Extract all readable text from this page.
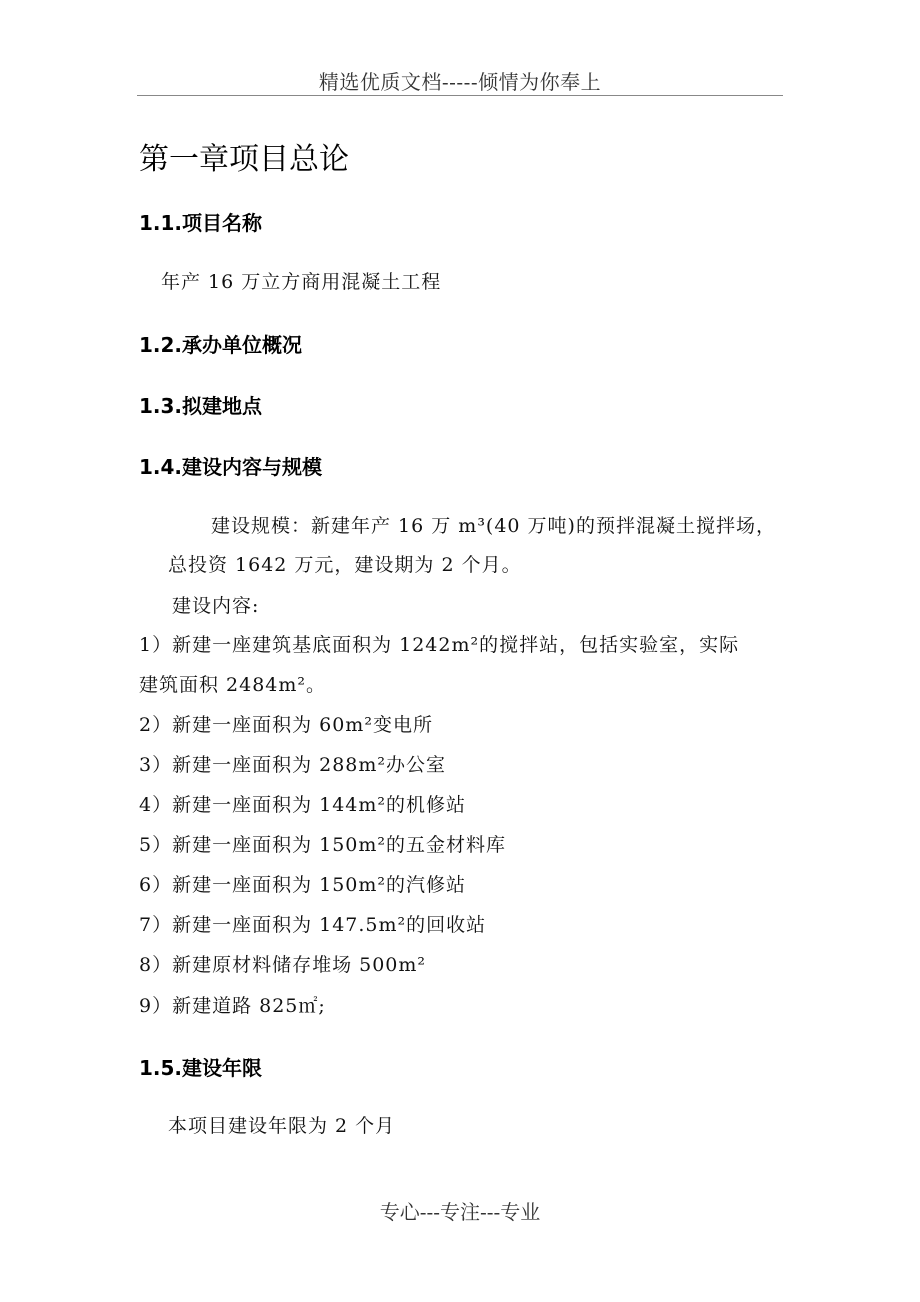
精选优质文档-----倾情为你奉上
第一章项目总论
1.1.项目名称
年产 16 万立方商用混凝土工程
1.2.承办单位概况
1.3.拟建地点
1.4.建设内容与规模
建设规模：新建年产 16 万 m³(40 万吨)的预拌混凝土搅拌场，
总投资 1642 万元，建设期为 2 个月。
建设内容:
1）新建一座建筑基底面积为 1242m²的搅拌站，包括实验室，实际
建筑面积 2484m²。
2）新建一座面积为 60m²变电所
3）新建一座面积为 288m²办公室
4）新建一座面积为 144m²的机修站
5）新建一座面积为 150m²的五金材料库
6）新建一座面积为 150m²的汽修站
7）新建一座面积为 147.5m²的回收站
8）新建原材料储存堆场 500m²
9）新建道路 825㎡;
1.5.建设年限
本项目建设年限为 2 个月
专心---专注---专业
